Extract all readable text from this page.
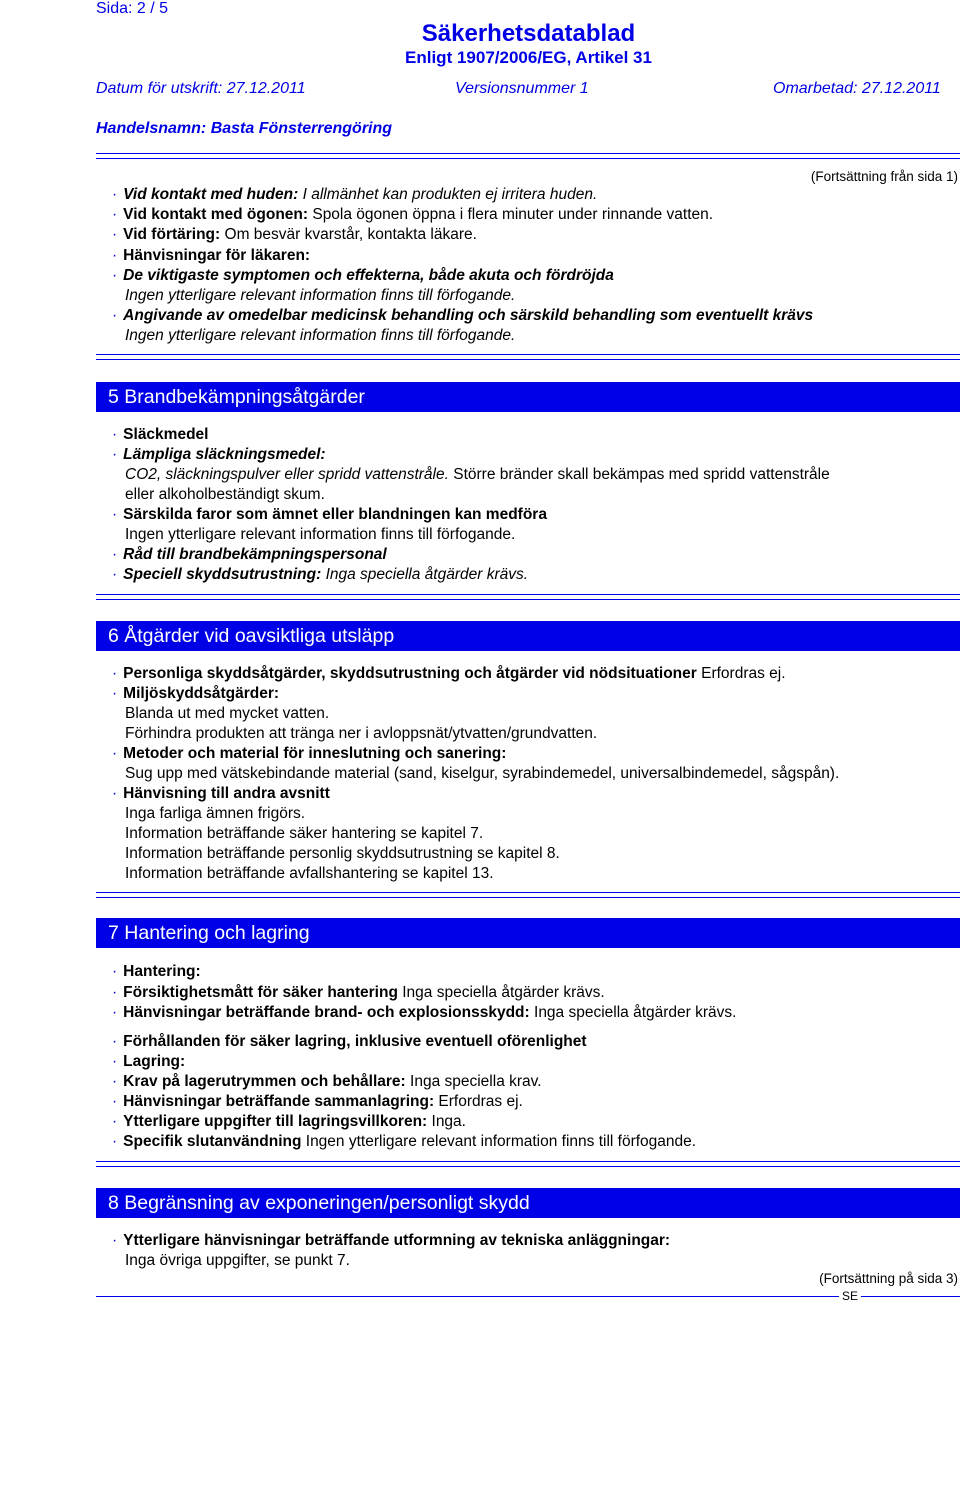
Sida: 2 / 5
Säkerhetsdatablad
Enligt 1907/2006/EG, Artikel 31
Datum för utskrift: 27.12.2011	Versionsnummer 1	Omarbetad: 27.12.2011
Handelsnamn: Basta Fönsterrengöring
(Fortsättning från sida 1)
· Vid kontakt med huden: I allmänhet kan produkten ej irritera huden.
· Vid kontakt med ögonen: Spola ögonen öppna i flera minuter under rinnande vatten.
· Vid förtäring: Om besvär kvarstår, kontakta läkare.
· Hänvisningar för läkaren:
· De viktigaste symptomen och effekterna, både akuta och fördröjda
Ingen ytterligare relevant information finns till förfogande.
· Angivande av omedelbar medicinsk behandling och särskild behandling som eventuellt krävs
Ingen ytterligare relevant information finns till förfogande.
5 Brandbekämpningsåtgärder
· Släckmedel
· Lämpliga släckningsmedel:
CO2, släckningspulver eller spridd vattenstråle. Större bränder skall bekämpas med spridd vattenstråle
eller alkoholbeständigt skum.
· Särskilda faror som ämnet eller blandningen kan medföra
Ingen ytterligare relevant information finns till förfogande.
· Råd till brandbekämpningspersonal
· Speciell skyddsutrustning: Inga speciella åtgärder krävs.
6 Åtgärder vid oavsiktliga utsläpp
· Personliga skyddsåtgärder, skyddsutrustning och åtgärder vid nödsituationer Erfordras ej.
· Miljöskyddsåtgärder:
Blanda ut med mycket vatten.
Förhindra produkten att tränga ner i avloppsnät/ytvatten/grundvatten.
· Metoder och material för inneslutning och sanering:
Sug upp med vätskebindande material (sand, kiselgur, syrabindemedel, universalbindemedel, sågspån).
· Hänvisning till andra avsnitt
Inga farliga ämnen frigörs.
Information beträffande säker hantering se kapitel 7.
Information beträffande personlig skyddsutrustning se kapitel 8.
Information beträffande avfallshantering se kapitel 13.
7 Hantering och lagring
· Hantering:
· Försiktighetsmått för säker hantering Inga speciella åtgärder krävs.
· Hänvisningar beträffande brand- och explosionsskydd: Inga speciella åtgärder krävs.
· Förhållanden för säker lagring, inklusive eventuell oförenlighet
· Lagring:
· Krav på lagerutrymmen och behållare: Inga speciella krav.
· Hänvisningar beträffande sammanlagring: Erfordras ej.
· Ytterligare uppgifter till lagringsvillkoren: Inga.
· Specifik slutanvändning Ingen ytterligare relevant information finns till förfogande.
8 Begränsning av exponeringen/personligt skydd
· Ytterligare hänvisningar beträffande utformning av tekniska anläggningar:
Inga övriga uppgifter, se punkt 7.
(Fortsättning på sida 3)
SE
